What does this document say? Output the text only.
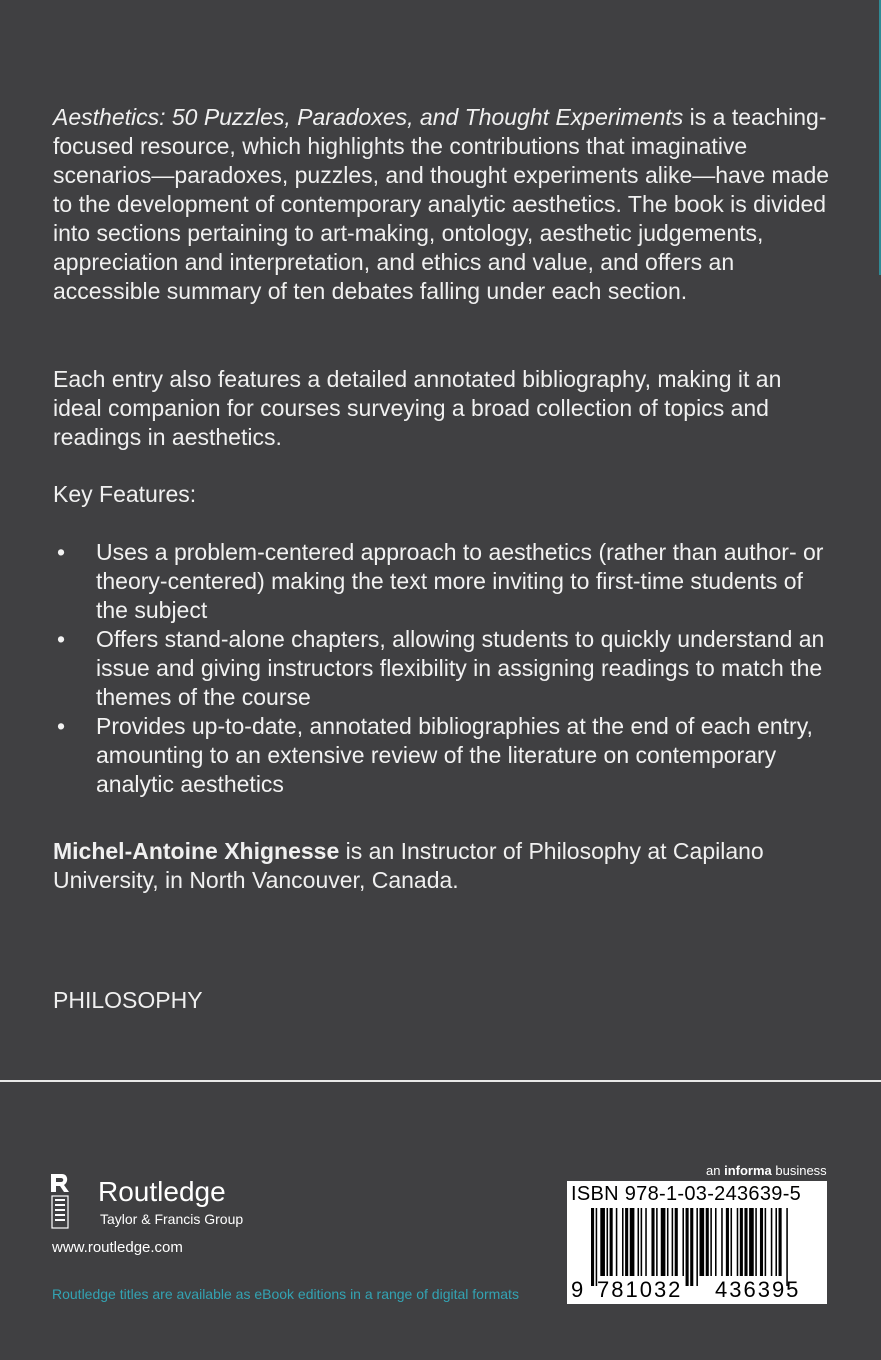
Aesthetics: 50 Puzzles, Paradoxes, and Thought Experiments is a teaching-focused resource, which highlights the contributions that imaginative scenarios—paradoxes, puzzles, and thought experiments alike—have made to the development of contemporary analytic aesthetics. The book is divided into sections pertaining to art-making, ontology, aesthetic judgements, appreciation and interpretation, and ethics and value, and offers an accessible summary of ten debates falling under each section.
Each entry also features a detailed annotated bibliography, making it an ideal companion for courses surveying a broad collection of topics and readings in aesthetics.
Key Features:
• Uses a problem-centered approach to aesthetics (rather than author- or theory-centered) making the text more inviting to first-time students of the subject
• Offers stand-alone chapters, allowing students to quickly understand an issue and giving instructors flexibility in assigning readings to match the themes of the course
• Provides up-to-date, annotated bibliographies at the end of each entry, amounting to an extensive review of the literature on contemporary analytic aesthetics
Michel-Antoine Xhignesse is an Instructor of Philosophy at Capilano University, in North Vancouver, Canada.
PHILOSOPHY
Routledge
Taylor & Francis Group
www.routledge.com
Routledge titles are available as eBook editions in a range of digital formats
an informa business
ISBN 978-1-03-243639-5
9 781032 436395
